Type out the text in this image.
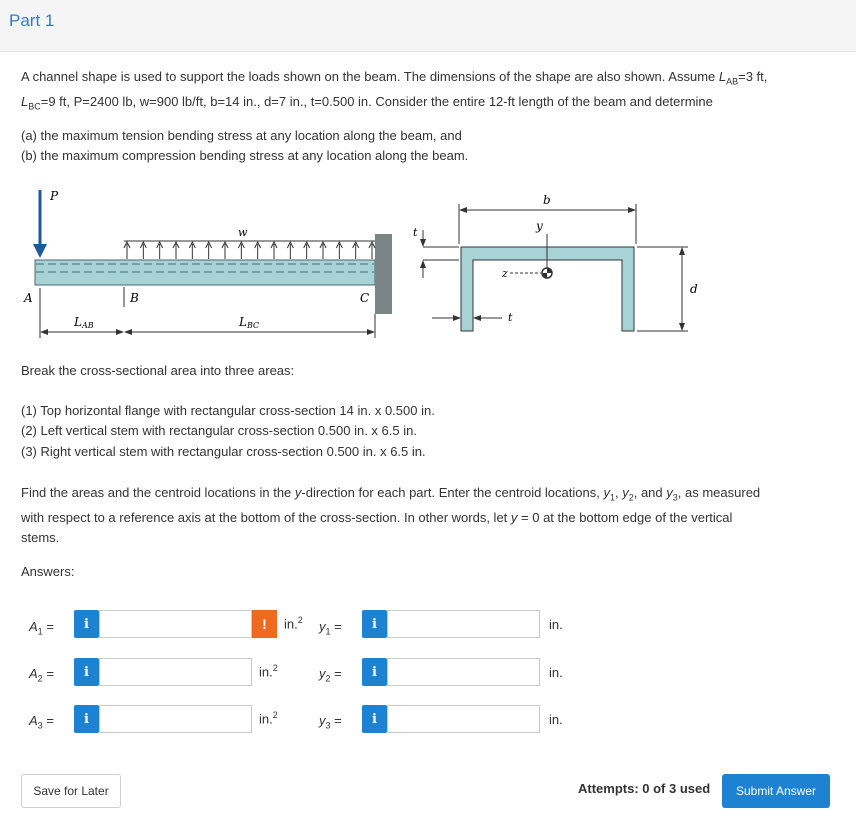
Part 1

A channel shape is used to support the loads shown on the beam. The dimensions of the shape are also shown. Assume $L_{AB}=3$ ft,
$L_{BC}=9$ ft, P=2400 lb, w=900 lb/ft, b=14 in., d=7 in., t=0.500 in. Consider the entire 12-ft length of the beam and determine

(a) the maximum tension bending stress at any location along the beam, and

(b) the maximum compression bending stress at any location along the beam.

P
w
A	B	C
LAB	LBC
b
y
z
t
t
d

Break the cross-sectional area into three areas:

(1) Top horizontal flange with rectangular cross-section 14 in. x 0.500 in.

(2) Left vertical stem with rectangular cross-section 0.500 in. x 6.5 in.

(3) Right vertical stem with rectangular cross-section 0.500 in. x 6.5 in.

Find the areas and the centroid locations in the y-direction for each part. Enter the centroid locations, $y_1$, $y_2$, and $y_3$, as measured
with respect to a reference axis at the bottom of the cross-section. In other words, let y = 0 at the bottom edge of the vertical
stems.

Answers:

$A_1$ =	i	!	in.$^2$ $y_1$ =	i	in.
$A_2$ =	i	in.$^2$	$y_2$ =	i	in.
$A_3$ =	i	in.$^2$	$y_3$ =	i	in.
Save for Later	Attempts: 0 of 3 used	Submit Answer
